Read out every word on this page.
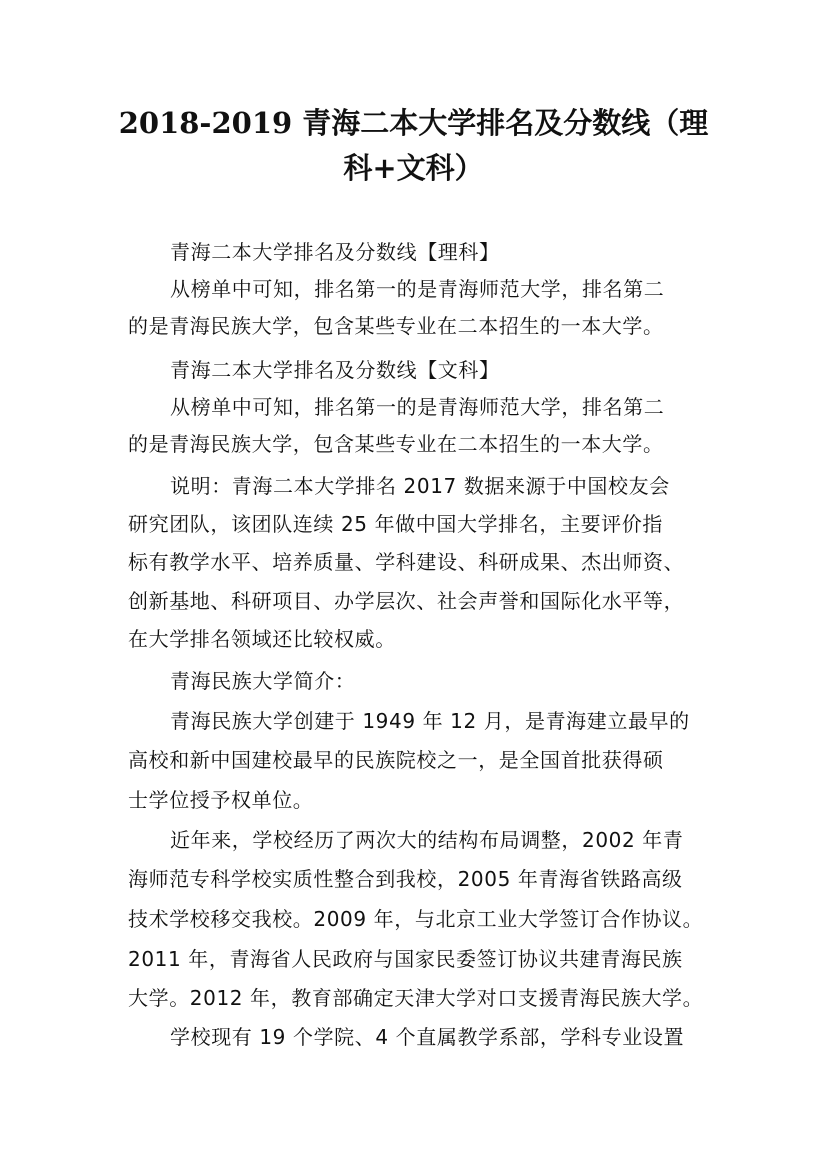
2018-2019 青海二本大学排名及分数线（理
科+文科）

青海二本大学排名及分数线【理科】

从榜单中可知，排名第一的是青海师范大学，排名第二

的是青海民族大学，包含某些专业在二本招生的一本大学。

青海二本大学排名及分数线【文科】

从榜单中可知，排名第一的是青海师范大学，排名第二

的是青海民族大学，包含某些专业在二本招生的一本大学。

说明：青海二本大学排名 2017 数据来源于中国校友会

研究团队，该团队连续 25 年做中国大学排名，主要评价指

标有教学水平、培养质量、学科建设、科研成果、杰出师资、

创新基地、科研项目、办学层次、社会声誉和国际化水平等，

在大学排名领域还比较权威。

青海民族大学简介：

青海民族大学创建于 1949 年 12 月，是青海建立最早的

高校和新中国建校最早的民族院校之一，是全国首批获得硕

士学位授予权单位。

近年来，学校经历了两次大的结构布局调整，2002 年青

海师范专科学校实质性整合到我校，2005 年青海省铁路高级

技术学校移交我校。2009 年，与北京工业大学签订合作协议。

2011 年，青海省人民政府与国家民委签订协议共建青海民族

大学。2012 年，教育部确定天津大学对口支援青海民族大学。

学校现有 19 个学院、4 个直属教学系部，学科专业设置
